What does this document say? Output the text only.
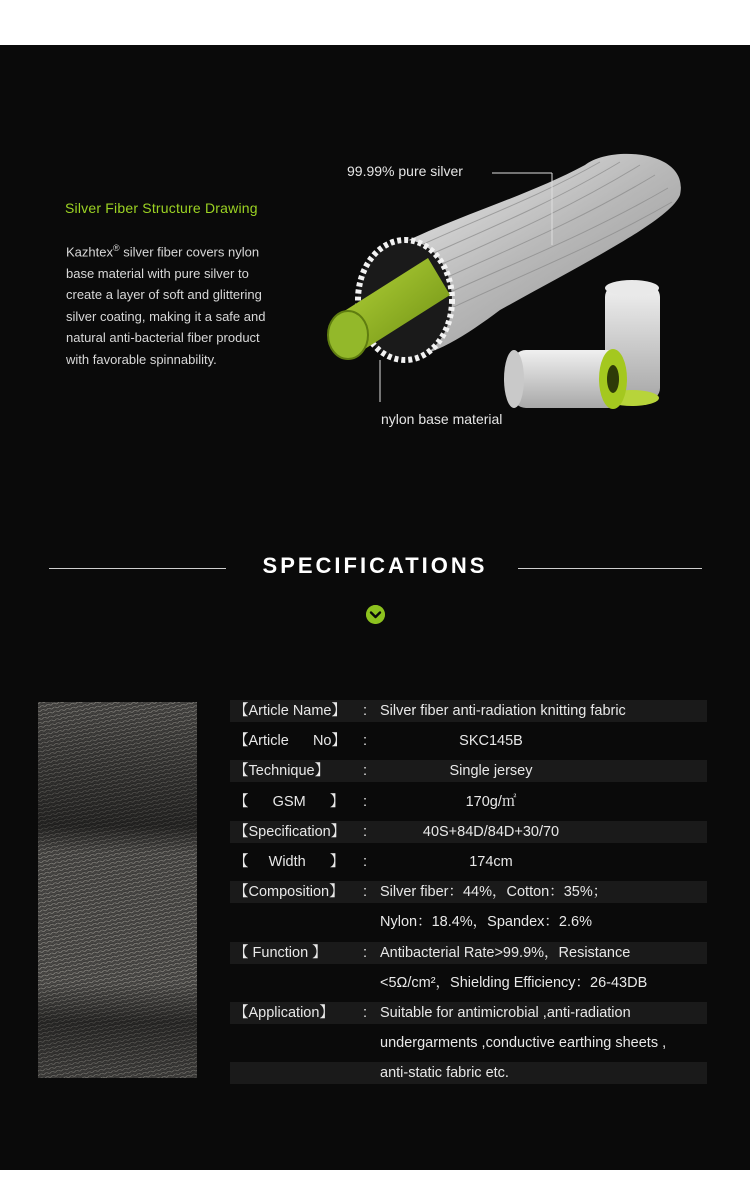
Silver Fiber Structure Drawing
Kazhtex® silver fiber covers nylon base material with pure silver to create a layer of soft and glittering silver coating, making it a safe and natural anti-bacterial fiber product with favorable spinnability.
99.99% pure silver
nylon base material
SPECIFICATIONS
【Article Name】 : Silver fiber anti-radiation knitting fabric
【Article      No】 :	SKC145B
【Technique】 :	Single jersey
【      GSM      】 :	170g/㎡
【Specification】 :	40S+84D/84D+30/70
【     Width      】 :	174cm
【Composition】 : Silver fiber：44%，Cotton：35%；
Nylon：18.4%，Spandex：2.6%
【 Function 】	: Antibacterial Rate>99.9%，Resistance
<5Ω/cm²，Shielding Efficiency：26-43DB
【Application】 : Suitable for antimicrobial ,anti-radiation
undergarments ,conductive earthing sheets ,
anti-static fabric etc.
